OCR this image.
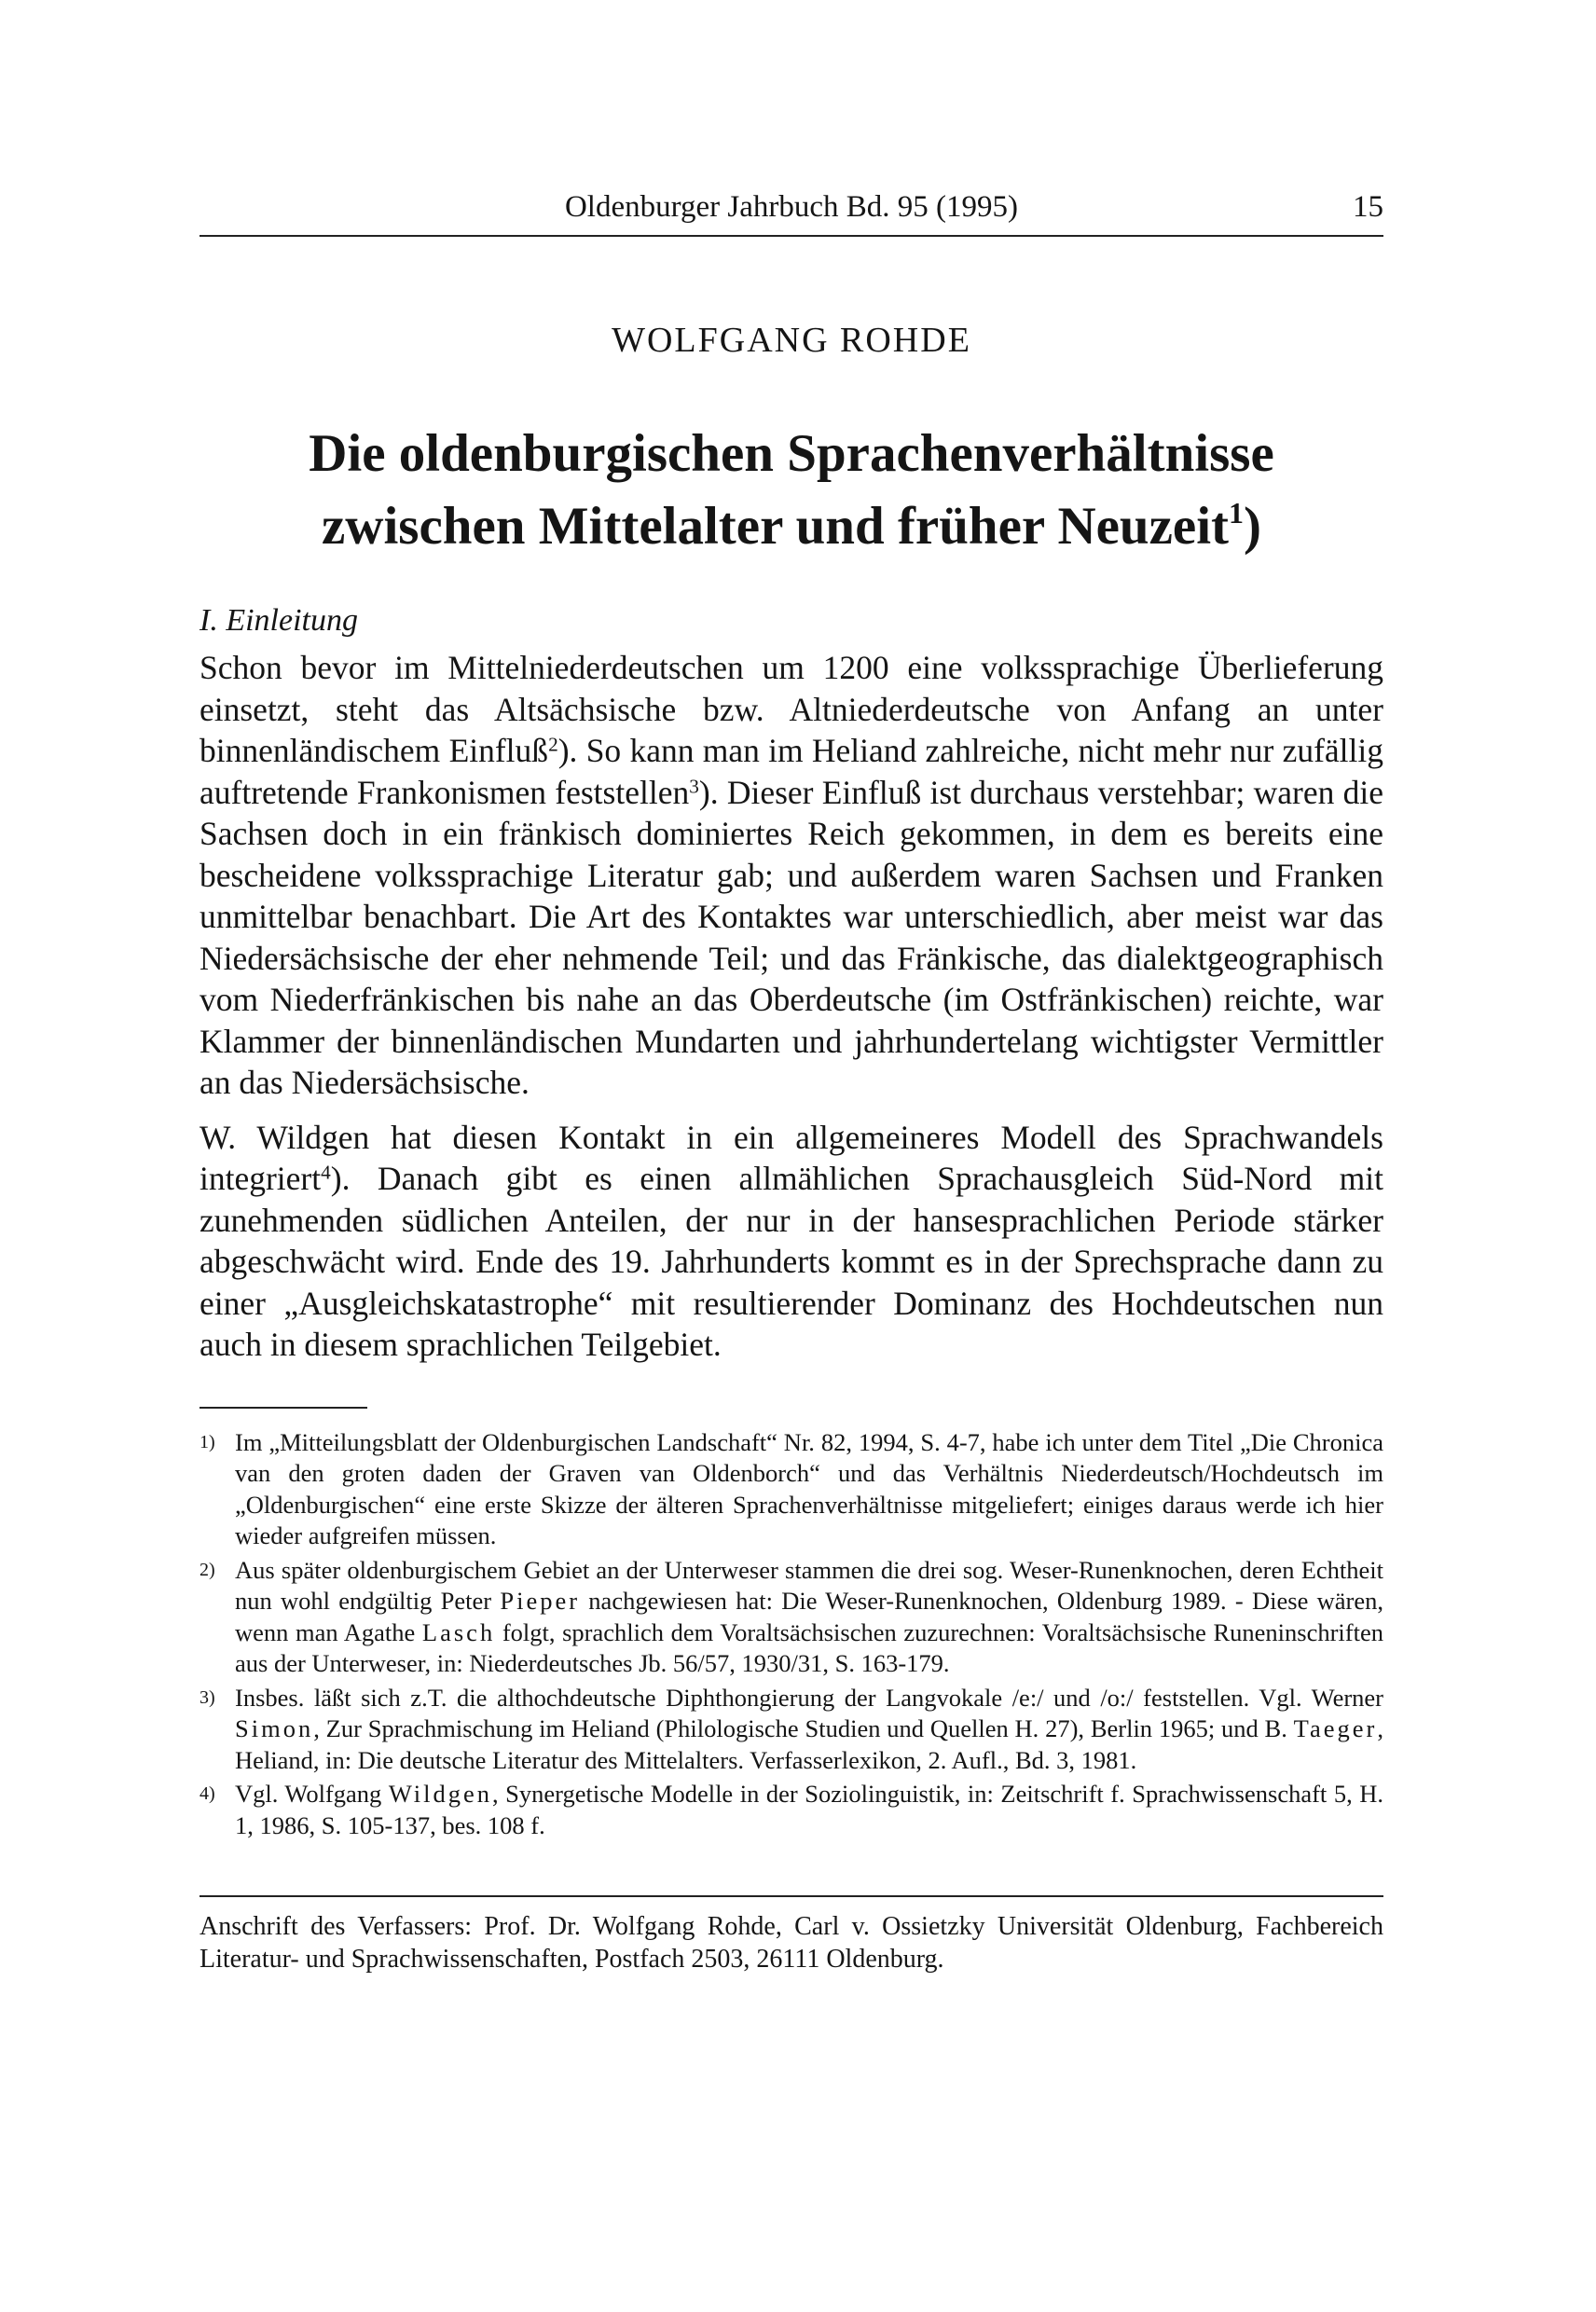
Oldenburger Jahrbuch Bd. 95 (1995)	15
WOLFGANG ROHDE
Die oldenburgischen Sprachenverhältnisse
zwischen Mittelalter und früher Neuzeit$^1$)
I. Einleitung

Schon bevor im Mittelniederdeutschen um 1200 eine volkssprachige Überlieferung einsetzt, steht das Altsächsische bzw. Altniederdeutsche von Anfang an unter binnenländischem Einfluß$^2$). So kann man im Heliand zahlreiche, nicht mehr nur zufällig auftretende Frankonismen feststellen$^3$). Dieser Einfluß ist durchaus verstehbar; waren die Sachsen doch in ein fränkisch dominiertes Reich gekommen, in dem es bereits eine bescheidene volkssprachige Literatur gab; und außerdem waren Sachsen und Franken unmittelbar benachbart. Die Art des Kontaktes war unterschiedlich, aber meist war das Niedersächsische der eher nehmende Teil; und das Fränkische, das dialektgeographisch vom Niederfränkischen bis nahe an das Oberdeutsche (im Ostfränkischen) reichte, war Klammer der binnenländischen Mundarten und jahrhundertelang wichtigster Vermittler an das Niedersächsische.

W. Wildgen hat diesen Kontakt in ein allgemeineres Modell des Sprachwandels integriert$^4$). Danach gibt es einen allmählichen Sprachausgleich Süd-Nord mit zunehmenden südlichen Anteilen, der nur in der hansesprachlichen Periode stärker abgeschwächt wird. Ende des 19. Jahrhunderts kommt es in der Sprechsprache dann zu einer „Ausgleichskatastrophe“ mit resultierender Dominanz des Hochdeutschen nun auch in diesem sprachlichen Teilgebiet.

1) Im „Mitteilungsblatt der Oldenburgischen Landschaft“ Nr. 82, 1994, S. 4-7, habe ich unter dem Titel „Die Chronica van den groten daden der Graven van Oldenborch“ und das Verhältnis Niederdeutsch/Hochdeutsch im „Oldenburgischen“ eine erste Skizze der älteren Sprachenverhältnisse mitgeliefert; einiges daraus werde ich hier wieder aufgreifen müssen.
2) Aus später oldenburgischem Gebiet an der Unterweser stammen die drei sog. Weser-Runenknochen, deren Echtheit nun wohl endgültig Peter Pieper nachgewiesen hat: Die Weser-Runenknochen, Oldenburg 1989. - Diese wären, wenn man Agathe Lasch folgt, sprachlich dem Voraltsächsischen zuzurechnen: Voraltsächsische Runeninschriften aus der Unterweser, in: Niederdeutsches Jb. 56/57, 1930/31, S. 163-179.
3) Insbes. läßt sich z.T. die althochdeutsche Diphthongierung der Langvokale /e:/ und /o:/ feststellen. Vgl. Werner Simon, Zur Sprachmischung im Heliand (Philologische Studien und Quellen H. 27), Berlin 1965; und B. Taeger, Heliand, in: Die deutsche Literatur des Mittelalters. Verfasserlexikon, 2. Aufl., Bd. 3, 1981.
4) Vgl. Wolfgang Wildgen, Synergetische Modelle in der Soziolinguistik, in: Zeitschrift f. Sprachwissenschaft 5, H. 1, 1986, S. 105-137, bes. 108 f.
Anschrift des Verfassers: Prof. Dr. Wolfgang Rohde, Carl v. Ossietzky Universität Oldenburg, Fachbereich Literatur- und Sprachwissenschaften, Postfach 2503, 26111 Oldenburg.
